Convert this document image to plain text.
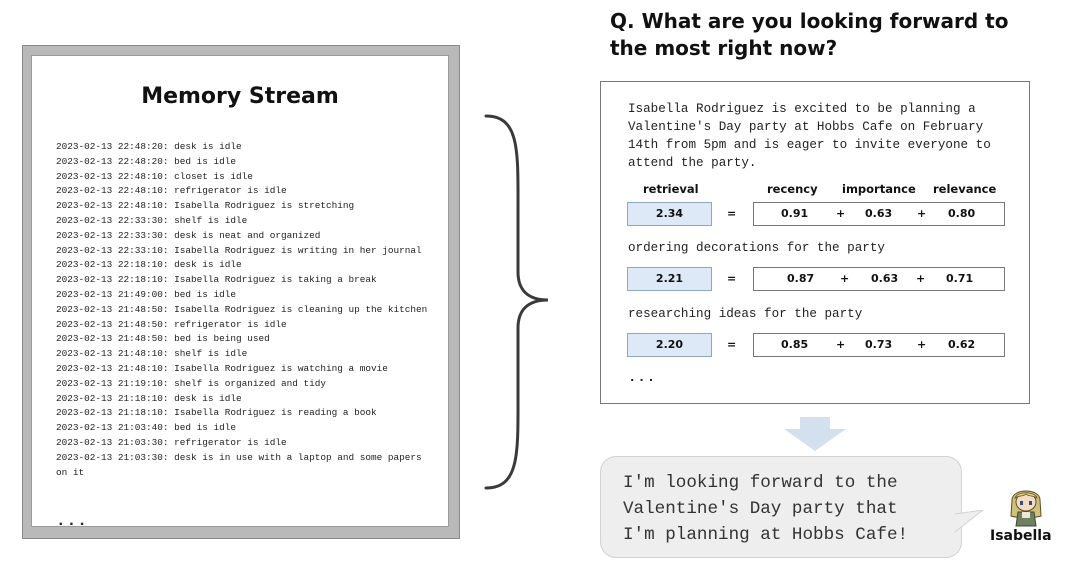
Memory Stream
2023-02-13 22:48:20: desk is idle
2023-02-13 22:48:20: bed is idle
2023-02-13 22:48:10: closet is idle
2023-02-13 22:48:10: refrigerator is idle
2023-02-13 22:48:10: Isabella Rodriguez is stretching
2023-02-13 22:33:30: shelf is idle
2023-02-13 22:33:30: desk is neat and organized
2023-02-13 22:33:10: Isabella Rodriguez is writing in her journal
2023-02-13 22:18:10: desk is idle
2023-02-13 22:18:10: Isabella Rodriguez is taking a break
2023-02-13 21:49:00: bed is idle
2023-02-13 21:48:50: Isabella Rodriguez is cleaning up the kitchen
2023-02-13 21:48:50: refrigerator is idle
2023-02-13 21:48:50: bed is being used
2023-02-13 21:48:10: shelf is idle
2023-02-13 21:48:10: Isabella Rodriguez is watching a movie
2023-02-13 21:19:10: shelf is organized and tidy
2023-02-13 21:18:10: desk is idle
2023-02-13 21:18:10: Isabella Rodriguez is reading a book
2023-02-13 21:03:40: bed is idle
2023-02-13 21:03:30: refrigerator is idle
2023-02-13 21:03:30: desk is in use with a laptop and some papers on it
...
Q. What are you looking forward to
the most right now?
Isabella Rodriguez is excited to be planning a Valentine's Day party at Hobbs Cafe on February 14th from 5pm and is eager to invite everyone to attend the party.
retrieval	recency importance relevance
2.34	=	0.91	+ 0.63 + 0.80
ordering decorations for the party
2.21	=	0.87 + 0.63 + 0.71
researching ideas for the party
2.20	=	0.85	+ 0.73 + 0.62
...
I'm looking forward to the
Valentine's Day party that
I'm planning at Hobbs Cafe!	Isabella
